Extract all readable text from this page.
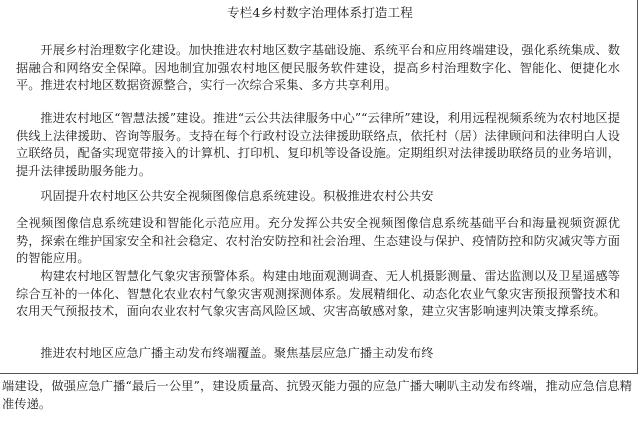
专栏4乡村数字治理体系打造工程

开展乡村治理数字化建设。加快推进农村地区数字基础设施、系统平台和应用终端建设，强化系统集成、数据融合和网络安全保障。因地制宜加强农村地区便民服务软件建设，提高乡村治理数字化、智能化、便捷化水平。推进农村地区数据资源整合，实行一次综合采集、多方共享利用。

推进农村地区“智慧法援”建设。推进“云公共法律服务中心”“云律所”建设，利用远程视频系统为农村地区提供线上法律援助、咨询等服务。支持在每个行政村设立法律援助联络点，依托村（居）法律顾问和法律明白人设立联络员，配备实现宽带接入的计算机、打印机、复印机等设备设施。定期组织对法律援助联络员的业务培训，提升法律援助服务能力。

巩固提升农村地区公共安全视频图像信息系统建设。积极推进农村公共安

全视频图像信息系统建设和智能化示范应用。充分发挥公共安全视频图像信息系统基础平台和海量视频资源优势，探索在维护国家安全和社会稳定、农村治安防控和社会治理、生态建设与保护、疫情防控和防灾减灾等方面的智能应用。

构建农村地区智慧化气象灾害预警体系。构建由地面观测调查、无人机摄影测量、雷达监测以及卫星遥感等综合互补的一体化、智慧化农业农村气象灾害观测探测体系。发展精细化、动态化农业气象灾害预报预警技术和农用天气预报技术，面向农业农村气象灾害高风险区域、灾害高敏感对象，建立灾害影响速判决策支撑系统。

推进农村地区应急广播主动发布终端覆盖。聚焦基层应急广播主动发布终

端建设，做强应急广播“最后一公里”，建设质量高、抗毁灭能力强的应急广播大喇叭主动发布终端，推动应急信息精准传递。
